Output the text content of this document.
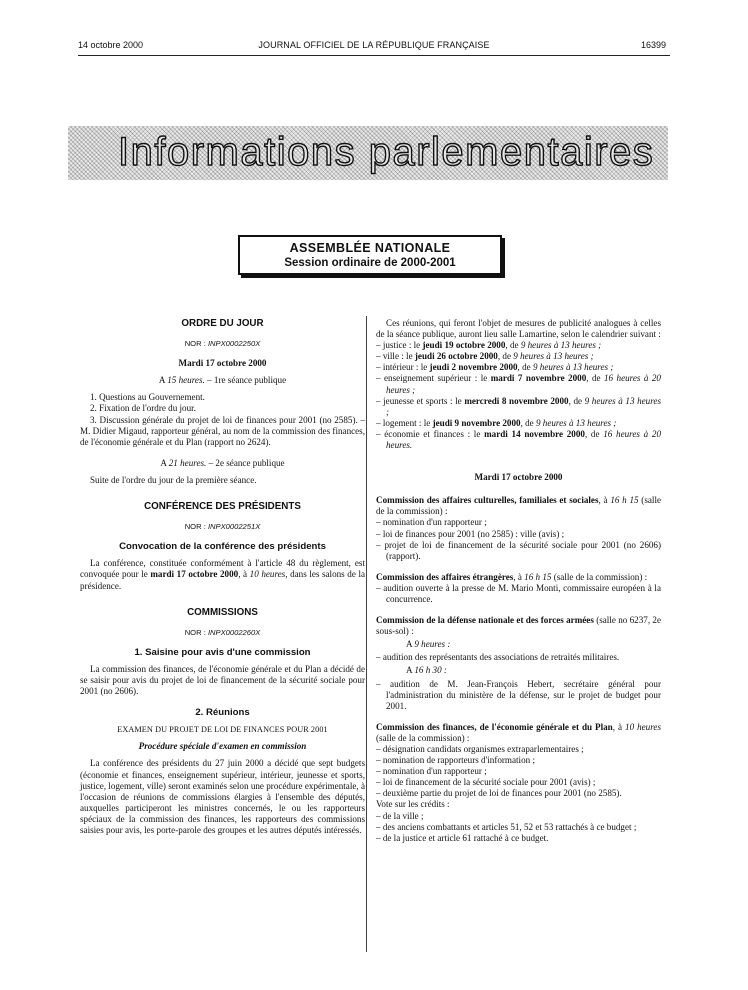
14 octobre 2000	JOURNAL OFFICIEL DE LA RÉPUBLIQUE FRANÇAISE	16399
Informations parlementaires
ASSEMBLÉE NATIONALE
Session ordinaire de 2000-2001
ORDRE DU JOUR
NOR : INPX0002250X
Mardi 17 octobre 2000
A 15 heures. – 1re séance publique

1. Questions au Gouvernement.

2. Fixation de l'ordre du jour.

3. Discussion générale du projet de loi de finances pour 2001 (no 2585). – M. Didier Migaud, rapporteur général, au nom de la commission des finances, de l'économie générale et du Plan (rapport no 2624).

A 21 heures. – 2e séance publique

Suite de l'ordre du jour de la première séance.

CONFÉRENCE DES PRÉSIDENTS
NOR : INPX0002251X
Convocation de la conférence des présidents

La conférence, constituée conformément à l'article 48 du règlement, est convoquée pour le mardi 17 octobre 2000, à 10 heures, dans les salons de la présidence.

COMMISSIONS
NOR : INPX0002260X
1. Saisine pour avis d'une commission

La commission des finances, de l'économie générale et du Plan a décidé de se saisir pour avis du projet de loi de financement de la sécurité sociale pour 2001 (no 2606).

2. Réunions
EXAMEN DU PROJET DE LOI DE FINANCES POUR 2001
Procédure spéciale d'examen en commission

La conférence des présidents du 27 juin 2000 a décidé que sept budgets (économie et finances, enseignement supérieur, intérieur, jeunesse et sports, justice, logement, ville) seront examinés selon une procédure expérimentale, à l'occasion de réunions de commissions élargies à l'ensemble des députés, auxquelles participeront les ministres concernés, le ou les rapporteurs spéciaux de la commission des finances, les rapporteurs des commissions saisies pour avis, les porte-parole des groupes et les autres députés intéressés.

Ces réunions, qui feront l'objet de mesures de publicité analogues à celles de la séance publique, auront lieu salle Lamartine, selon le calendrier suivant :

– justice : le jeudi 19 octobre 2000, de 9 heures à 13 heures ;
– ville : le jeudi 26 octobre 2000, de 9 heures à 13 heures ;
– intérieur : le jeudi 2 novembre 2000, de 9 heures à 13 heures ;
– enseignement supérieur : le mardi 7 novembre 2000, de 16 heures à 20 heures ;
– jeunesse et sports : le mercredi 8 novembre 2000, de 9 heures à 13 heures ;
– logement : le jeudi 9 novembre 2000, de 9 heures à 13 heures ;
– économie et finances : le mardi 14 novembre 2000, de 16 heures à 20 heures.
Mardi 17 octobre 2000
Commission des affaires culturelles, familiales et sociales, à 16 h 15 (salle de la commission) :
– nomination d'un rapporteur ;
– loi de finances pour 2001 (no 2585) : ville (avis) ;
– projet de loi de financement de la sécurité sociale pour 2001 (no 2606) (rapport).
Commission des affaires étrangères, à 16 h 15 (salle de la commission) :
– audition ouverte à la presse de M. Mario Monti, commissaire européen à la concurrence.
Commission de la défense nationale et des forces armées (salle no 6237, 2e sous-sol) :
A 9 heures :
– audition des représentants des associations de retraités militaires.
A 16 h 30 :
– audition de M. Jean-François Hebert, secrétaire général pour l'administration du ministère de la défense, sur le projet de budget pour 2001.
Commission des finances, de l'économie générale et du Plan, à 10 heures (salle de la commission) :
– désignation candidats organismes extraparlementaires ;
– nomination de rapporteurs d'information ;
– nomination d'un rapporteur ;
– loi de financement de la sécurité sociale pour 2001 (avis) ;
– deuxième partie du projet de loi de finances pour 2001 (no 2585).
Vote sur les crédits :
– de la ville ;
– des anciens combattants et articles 51, 52 et 53 rattachés à ce budget ;
– de la justice et article 61 rattaché à ce budget.
